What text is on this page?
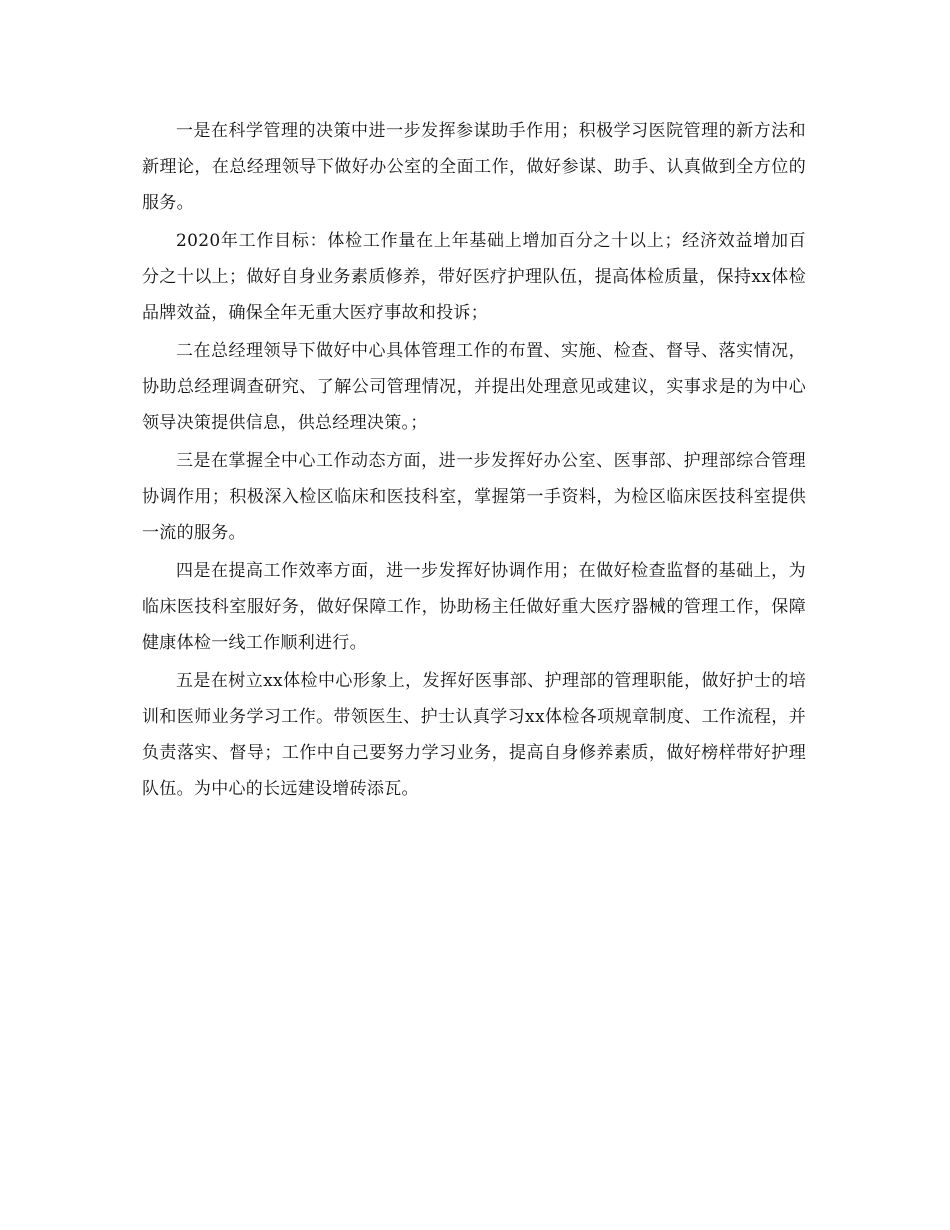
一是在科学管理的决策中进一步发挥参谋助手作用；积极学习医院管理的新方法和新理论，在总经理领导下做好办公室的全面工作，做好参谋、助手、认真做到全方位的服务。

2020年工作目标：体检工作量在上年基础上增加百分之十以上；经济效益增加百分之十以上；做好自身业务素质修养，带好医疗护理队伍，提高体检质量，保持xx体检品牌效益，确保全年无重大医疗事故和投诉；

二在总经理领导下做好中心具体管理工作的布置、实施、检查、督导、落实情况，协助总经理调查研究、了解公司管理情况，并提出处理意见或建议，实事求是的为中心领导决策提供信息，供总经理决策。；

三是在掌握全中心工作动态方面，进一步发挥好办公室、医事部、护理部综合管理协调作用；积极深入检区临床和医技科室，掌握第一手资料，为检区临床医技科室提供一流的服务。

四是在提高工作效率方面，进一步发挥好协调作用；在做好检查监督的基础上，为临床医技科室服好务，做好保障工作，协助杨主任做好重大医疗器械的管理工作，保障健康体检一线工作顺利进行。

五是在树立xx体检中心形象上，发挥好医事部、护理部的管理职能，做好护士的培训和医师业务学习工作。带领医生、护士认真学习xx体检各项规章制度、工作流程，并负责落实、督导；工作中自己要努力学习业务，提高自身修养素质，做好榜样带好护理队伍。为中心的长远建设增砖添瓦。
